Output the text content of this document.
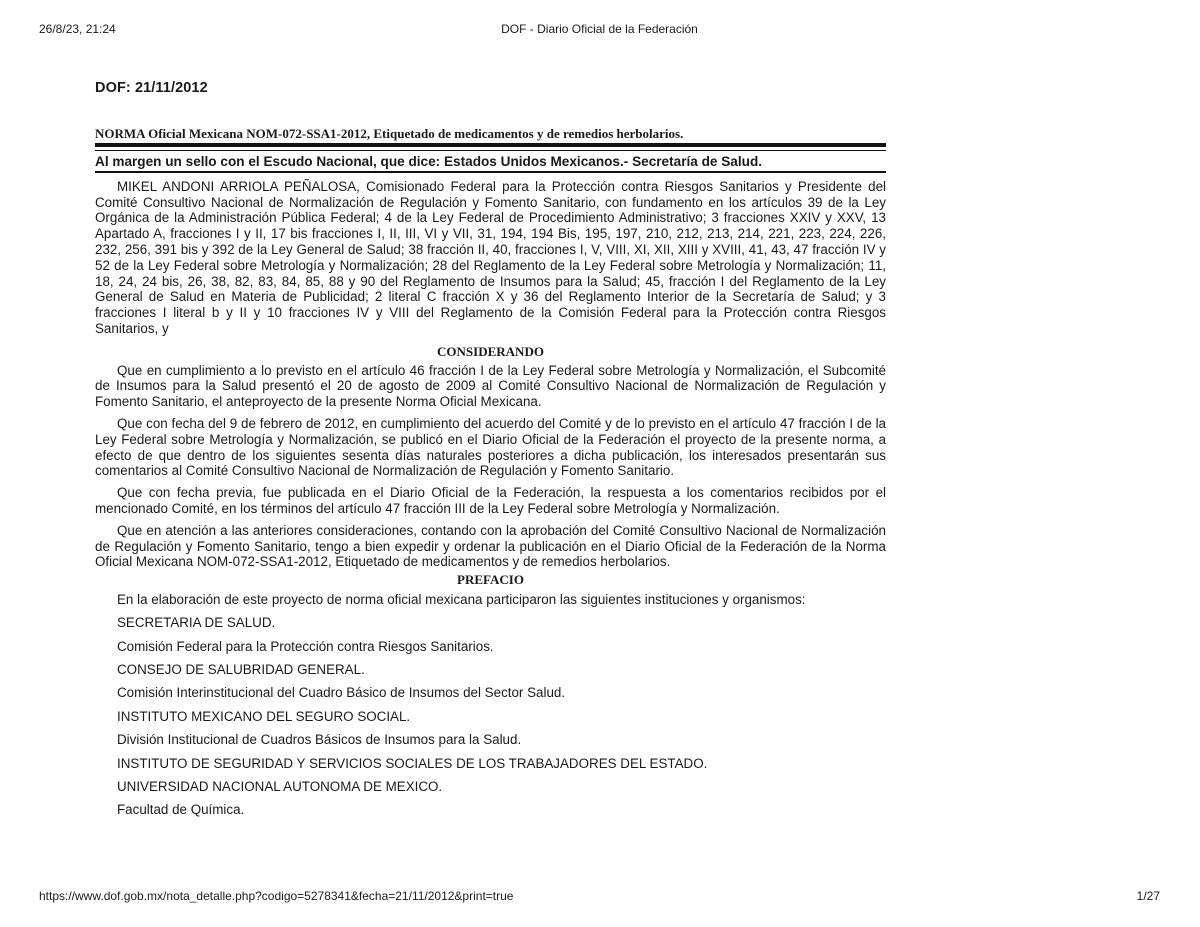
26/8/23, 21:24	DOF - Diario Oficial de la Federación
DOF: 21/11/2012
NORMA Oficial Mexicana NOM-072-SSA1-2012, Etiquetado de medicamentos y de remedios herbolarios.
Al margen un sello con el Escudo Nacional, que dice: Estados Unidos Mexicanos.- Secretaría de Salud.

MIKEL ANDONI ARRIOLA PEÑALOSA, Comisionado Federal para la Protección contra Riesgos Sanitarios y Presidente del Comité Consultivo Nacional de Normalización de Regulación y Fomento Sanitario, con fundamento en los artículos 39 de la Ley Orgánica de la Administración Pública Federal; 4 de la Ley Federal de Procedimiento Administrativo; 3 fracciones XXIV y XXV, 13 Apartado A, fracciones I y II, 17 bis fracciones I, II, III, VI y VII, 31, 194, 194 Bis, 195, 197, 210, 212, 213, 214, 221, 223, 224, 226, 232, 256, 391 bis y 392 de la Ley General de Salud; 38 fracción II, 40, fracciones I, V, VIII, XI, XII, XIII y XVIII, 41, 43, 47 fracción IV y 52 de la Ley Federal sobre Metrología y Normalización; 28 del Reglamento de la Ley Federal sobre Metrología y Normalización; 11, 18, 24, 24 bis, 26, 38, 82, 83, 84, 85, 88 y 90 del Reglamento de Insumos para la Salud; 45, fracción I del Reglamento de la Ley General de Salud en Materia de Publicidad; 2 literal C fracción X y 36 del Reglamento Interior de la Secretaría de Salud; y 3 fracciones I literal b y II y 10 fracciones IV y VIII del Reglamento de la Comisión Federal para la Protección contra Riesgos Sanitarios, y

CONSIDERANDO

Que en cumplimiento a lo previsto en el artículo 46 fracción I de la Ley Federal sobre Metrología y Normalización, el Subcomité de Insumos para la Salud presentó el 20 de agosto de 2009 al Comité Consultivo Nacional de Normalización de Regulación y Fomento Sanitario, el anteproyecto de la presente Norma Oficial Mexicana.

Que con fecha del 9 de febrero de 2012, en cumplimiento del acuerdo del Comité y de lo previsto en el artículo 47 fracción I de la Ley Federal sobre Metrología y Normalización, se publicó en el Diario Oficial de la Federación el proyecto de la presente norma, a efecto de que dentro de los siguientes sesenta días naturales posteriores a dicha publicación, los interesados presentarán sus comentarios al Comité Consultivo Nacional de Normalización de Regulación y Fomento Sanitario.

Que con fecha previa, fue publicada en el Diario Oficial de la Federación, la respuesta a los comentarios recibidos por el mencionado Comité, en los términos del artículo 47 fracción III de la Ley Federal sobre Metrología y Normalización.

Que en atención a las anteriores consideraciones, contando con la aprobación del Comité Consultivo Nacional de Normalización de Regulación y Fomento Sanitario, tengo a bien expedir y ordenar la publicación en el Diario Oficial de la Federación de la Norma Oficial Mexicana NOM-072-SSA1-2012, Etiquetado de medicamentos y de remedios herbolarios.

PREFACIO

En la elaboración de este proyecto de norma oficial mexicana participaron las siguientes instituciones y organismos:

SECRETARIA DE SALUD.

Comisión Federal para la Protección contra Riesgos Sanitarios.

CONSEJO DE SALUBRIDAD GENERAL.

Comisión Interinstitucional del Cuadro Básico de Insumos del Sector Salud.

INSTITUTO MEXICANO DEL SEGURO SOCIAL.

División Institucional de Cuadros Básicos de Insumos para la Salud.

INSTITUTO DE SEGURIDAD Y SERVICIOS SOCIALES DE LOS TRABAJADORES DEL ESTADO.

UNIVERSIDAD NACIONAL AUTONOMA DE MEXICO.

Facultad de Química.

https://www.dof.gob.mx/nota_detalle.php?codigo=5278341&fecha=21/11/2012&print=true	1/27
